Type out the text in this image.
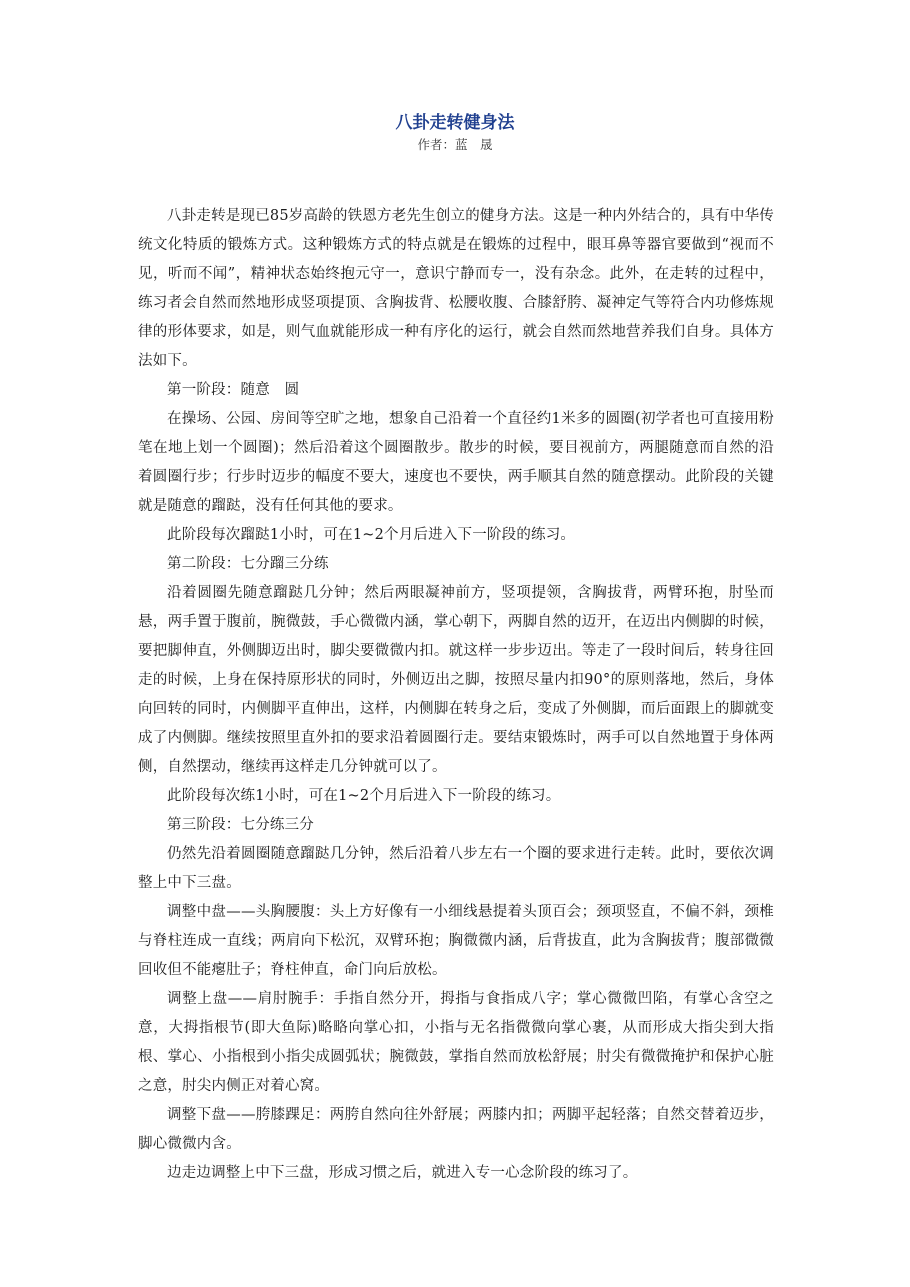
八卦走转健身法
作者：蓝　晟

八卦走转是现已85岁高龄的铁恩方老先生创立的健身方法。这是一种内外结合的，具有中华传统文化特质的锻炼方式。这种锻炼方式的特点就是在锻炼的过程中，眼耳鼻等器官要做到“视而不见，听而不闻”，精神状态始终抱元守一，意识宁静而专一，没有杂念。此外，在走转的过程中，练习者会自然而然地形成竖项提顶、含胸拔背、松腰收腹、合膝舒胯、凝神定气等符合内功修炼规律的形体要求，如是，则气血就能形成一种有序化的运行，就会自然而然地营养我们自身。具体方法如下。

第一阶段：随意　圆

在操场、公园、房间等空旷之地，想象自己沿着一个直径约1米多的圆圈(初学者也可直接用粉笔在地上划一个圆圈)；然后沿着这个圆圈散步。散步的时候，要目视前方，两腿随意而自然的沿着圆圈行步；行步时迈步的幅度不要大，速度也不要快，两手顺其自然的随意摆动。此阶段的关键就是随意的蹓跶，没有任何其他的要求。

此阶段每次蹓跶1小时，可在1~2个月后进入下一阶段的练习。

第二阶段：七分蹓三分练

沿着圆圈先随意蹓跶几分钟；然后两眼凝神前方，竖项提领，含胸拔背，两臂环抱，肘坠而悬，两手置于腹前，腕微鼓，手心微微内涵，掌心朝下，两脚自然的迈开，在迈出内侧脚的时候，要把脚伸直，外侧脚迈出时，脚尖要微微内扣。就这样一步步迈出。等走了一段时间后，转身往回走的时候，上身在保持原形状的同时，外侧迈出之脚，按照尽量内扣90°的原则落地，然后，身体向回转的同时，内侧脚平直伸出，这样，内侧脚在转身之后，变成了外侧脚，而后面跟上的脚就变成了内侧脚。继续按照里直外扣的要求沿着圆圈行走。要结束锻炼时，两手可以自然地置于身体两侧，自然摆动，继续再这样走几分钟就可以了。

此阶段每次练1小时，可在1~2个月后进入下一阶段的练习。

第三阶段：七分练三分

仍然先沿着圆圈随意蹓跶几分钟，然后沿着八步左右一个圈的要求进行走转。此时，要依次调整上中下三盘。

调整中盘——头胸腰腹：头上方好像有一小细线悬提着头顶百会；颈项竖直，不偏不斜，颈椎与脊柱连成一直线；两肩向下松沉，双臂环抱；胸微微内涵，后背拔直，此为含胸拔背；腹部微微回收但不能瘪肚子；脊柱伸直，命门向后放松。

调整上盘——肩肘腕手：手指自然分开，拇指与食指成八字；掌心微微凹陷，有掌心含空之意，大拇指根节(即大鱼际)略略向掌心扣，小指与无名指微微向掌心裹，从而形成大指尖到大指根、掌心、小指根到小指尖成圆弧状；腕微鼓，掌指自然而放松舒展；肘尖有微微掩护和保护心脏之意，肘尖内侧正对着心窝。

调整下盘——胯膝踝足：两胯自然向往外舒展；两膝内扣；两脚平起轻落；自然交替着迈步，脚心微微内含。

边走边调整上中下三盘，形成习惯之后，就进入专一心念阶段的练习了。
